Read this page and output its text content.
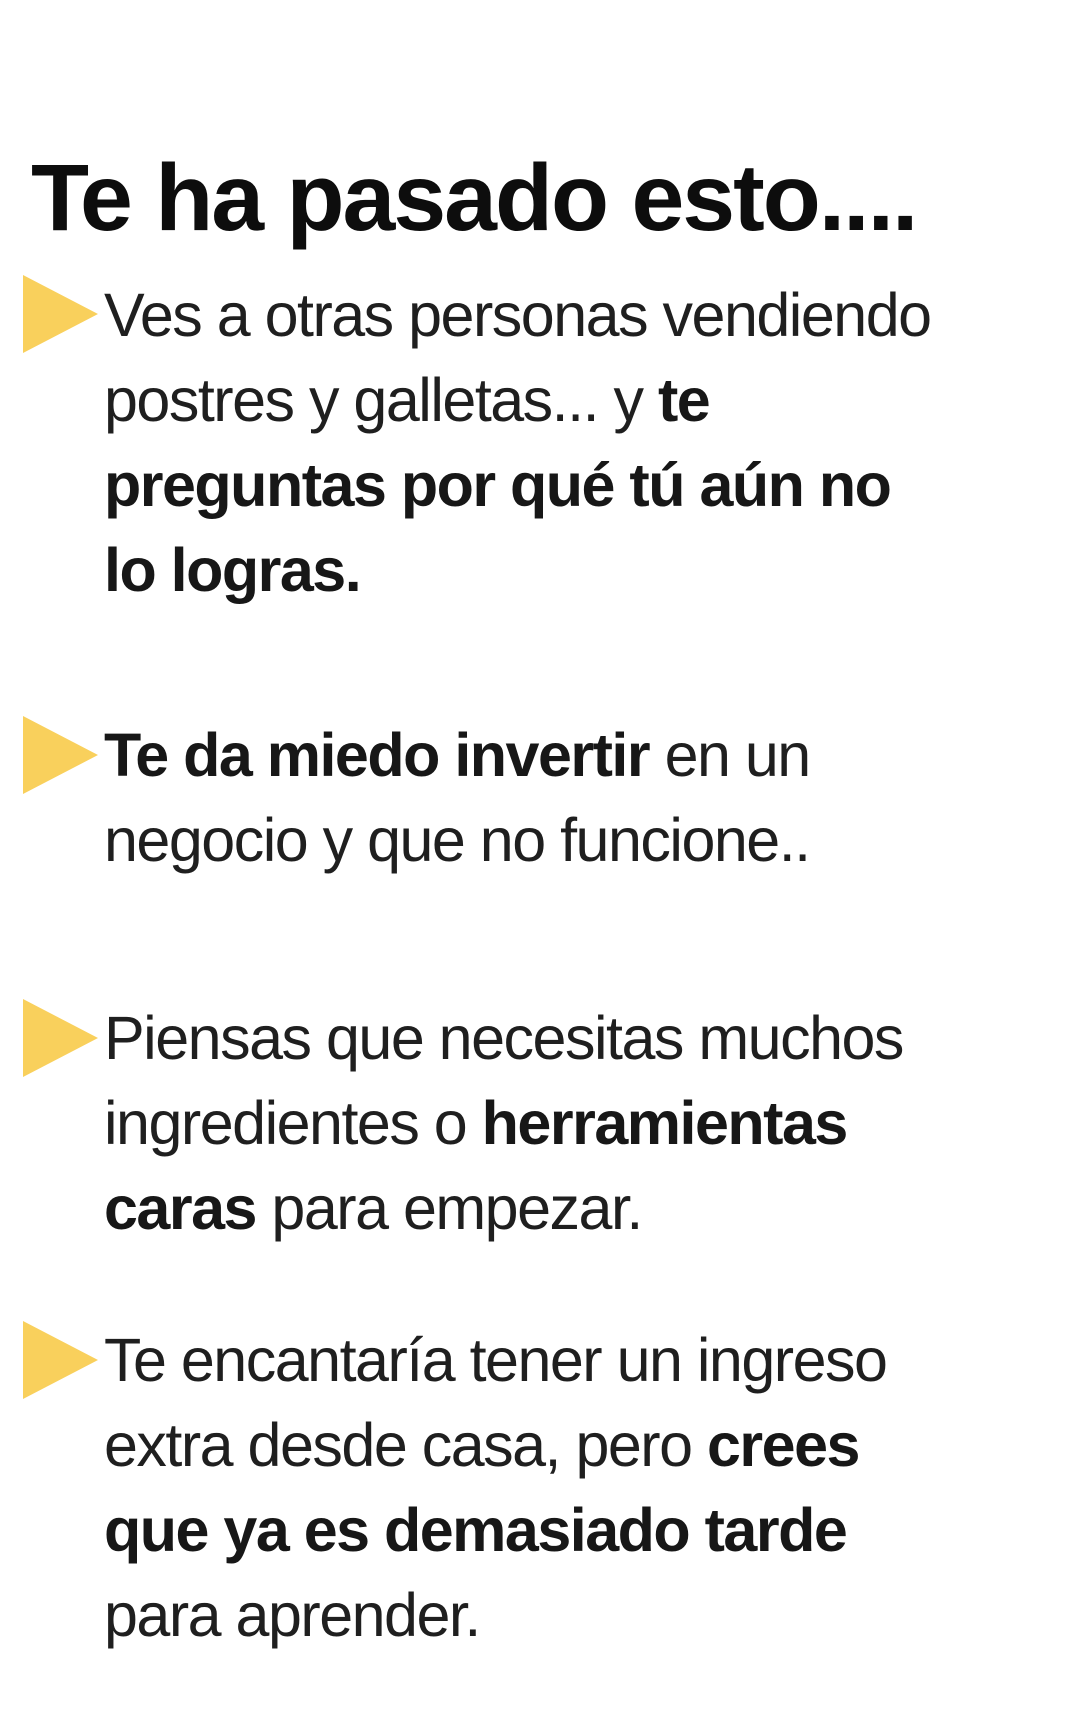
Te ha pasado esto....
Ves a otras personas vendiendo
postres y galletas... y te
preguntas por qué tú aún no
lo logras.
Te da miedo invertir en un
negocio y que no funcione..
Piensas que necesitas muchos
ingredientes o herramientas
caras para empezar.
Te encantaría tener un ingreso
extra desde casa, pero crees
que ya es demasiado tarde
para aprender.
